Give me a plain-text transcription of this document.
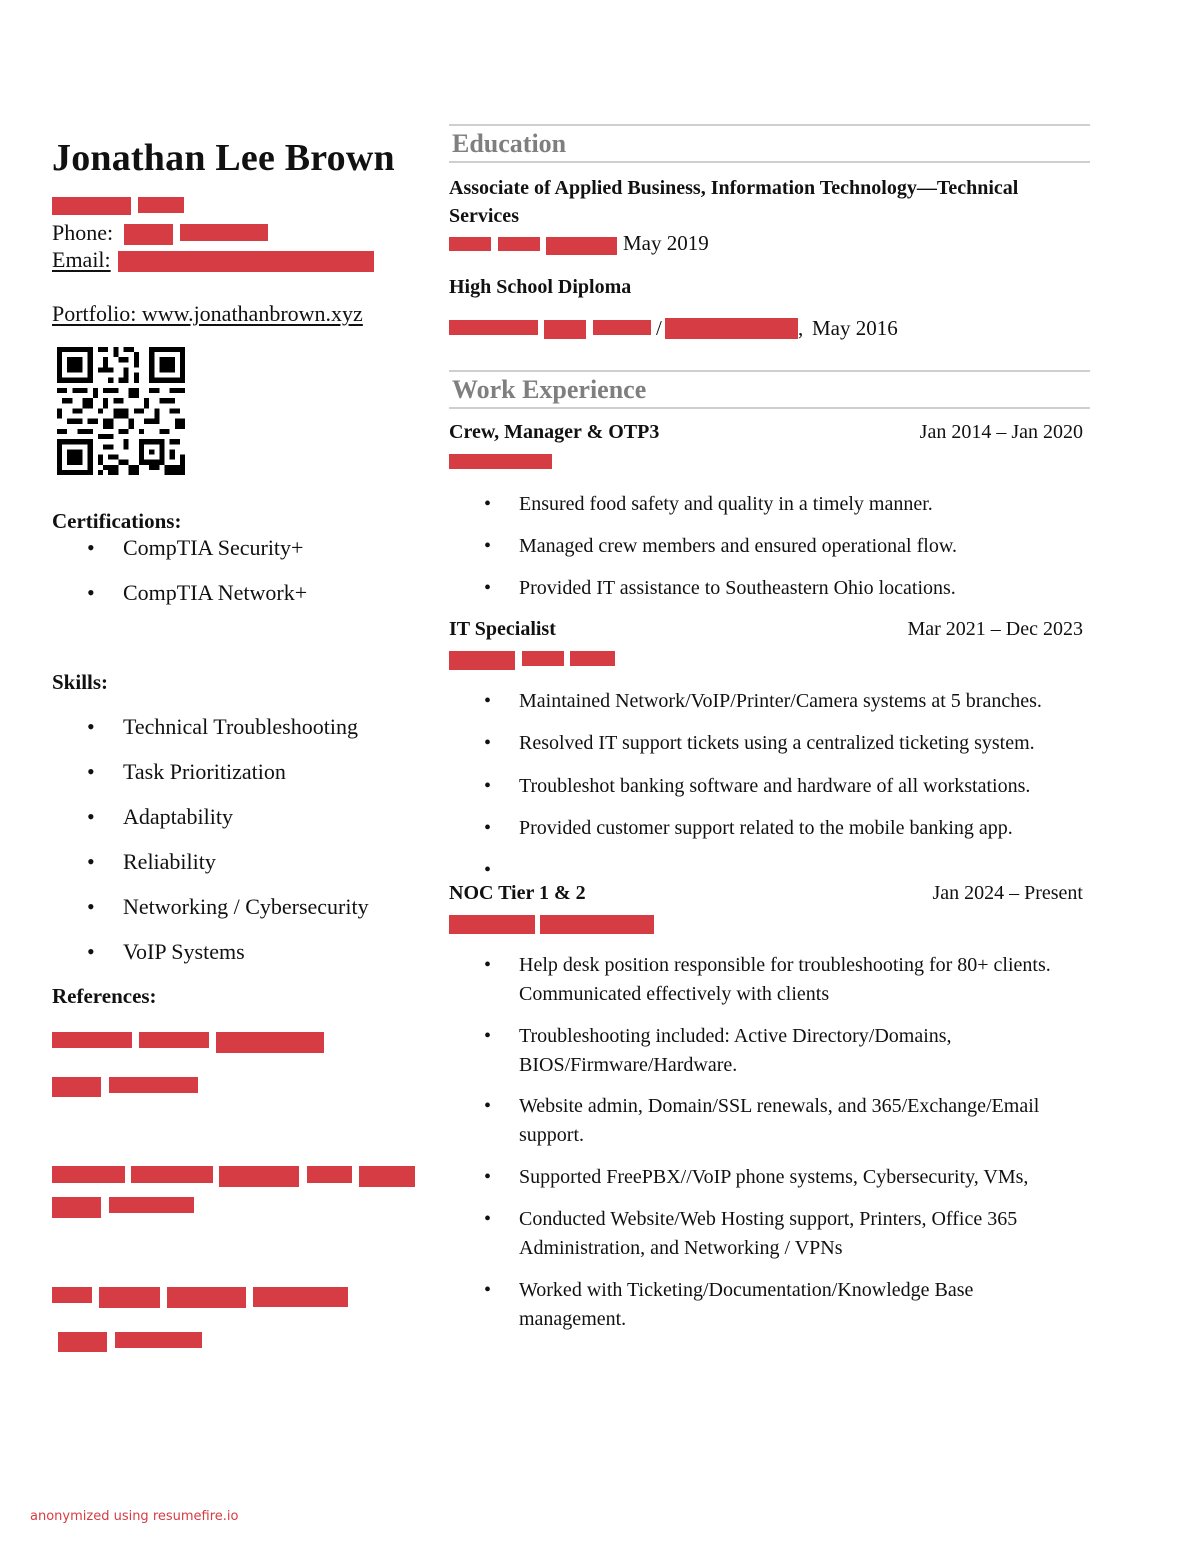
Jonathan Lee Brown
Phone:
Email:
Portfolio: www.jonathanbrown.xyz
Certifications:
• CompTIA Security+
• CompTIA Network+
Skills:
• Technical Troubleshooting
• Task Prioritization
• Adaptability
• Reliability
• Networking / Cybersecurity
• VoIP Systems
References:
Education
Associate of Applied Business, Information Technology—Technical Services
May 2019
High School Diploma
/	, May 2016
Work Experience
Crew, Manager & OTP3	Jan 2014 – Jan 2020
• Ensured food safety and quality in a timely manner.
• Managed crew members and ensured operational flow.
• Provided IT assistance to Southeastern Ohio locations.
IT Specialist	Mar 2021 – Dec 2023
• Maintained Network/VoIP/Printer/Camera systems at 5 branches.
• Resolved IT support tickets using a centralized ticketing system.
• Troubleshot banking software and hardware of all workstations.
• Provided customer support related to the mobile banking app.
•
NOC Tier 1 & 2	Jan 2024 – Present
• Help desk position responsible for troubleshooting for 80+ clients. Communicated effectively with clients
• Troubleshooting included: Active Directory/Domains, BIOS/Firmware/Hardware.
• Website admin, Domain/SSL renewals, and 365/Exchange/Email support.
• Supported FreePBX//VoIP phone systems, Cybersecurity, VMs,
• Conducted Website/Web Hosting support, Printers, Office 365 Administration, and Networking / VPNs
• Worked with Ticketing/Documentation/Knowledge Base management.
anonymized using resumefire.io
